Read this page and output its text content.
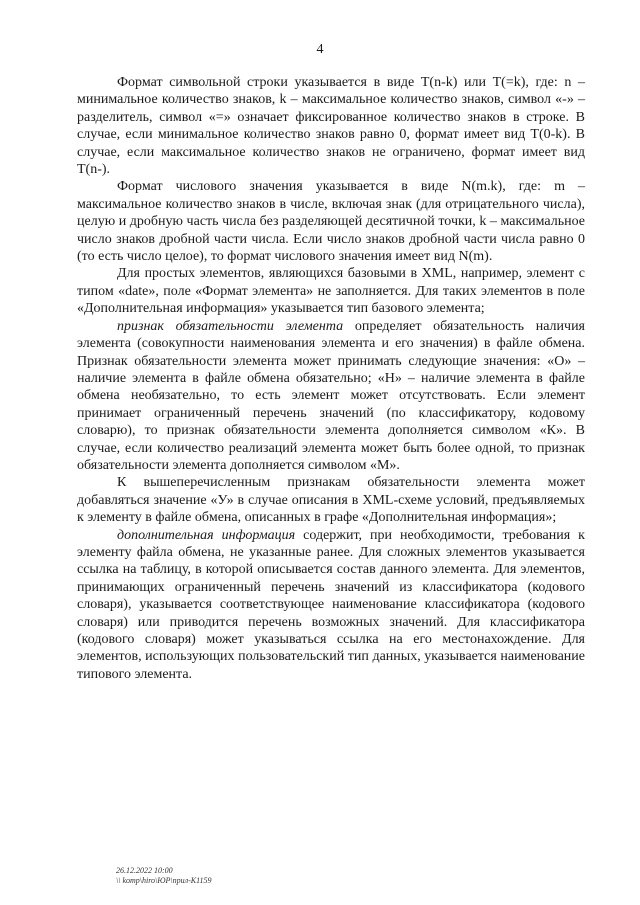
4

Формат символьной строки указывается в виде T(n-k) или T(=k), где: n – минимальное количество знаков, k – максимальное количество знаков, символ «-» – разделитель, символ «=» означает фиксированное количество знаков в строке. В случае, если минимальное количество знаков равно 0, формат имеет вид T(0-k). В случае, если максимальное количество знаков не ограничено, формат имеет вид T(n-).

Формат числового значения указывается в виде N(m.k), где: m – максимальное количество знаков в числе, включая знак (для отрицательного числа), целую и дробную часть числа без разделяющей десятичной точки, k – максимальное число знаков дробной части числа. Если число знаков дробной части числа равно 0 (то есть число целое), то формат числового значения имеет вид N(m).

Для простых элементов, являющихся базовыми в XML, например, элемент с типом «date», поле «Формат элемента» не заполняется. Для таких элементов в поле «Дополнительная информация» указывается тип базового элемента;

признак обязательности элемента определяет обязательность наличия элемента (совокупности наименования элемента и его значения) в файле обмена. Признак обязательности элемента может принимать следующие значения: «О» – наличие элемента в файле обмена обязательно; «Н» – наличие элемента в файле обмена необязательно, то есть элемент может отсутствовать. Если элемент принимает ограниченный перечень значений (по классификатору, кодовому словарю), то признак обязательности элемента дополняется символом «К». В случае, если количество реализаций элемента может быть более одной, то признак обязательности элемента дополняется символом «М».

К вышеперечисленным признакам обязательности элемента может добавляться значение «У» в случае описания в XML-схеме условий, предъявляемых к элементу в файле обмена, описанных в графе «Дополнительная информация»;

дополнительная информация содержит, при необходимости, требования к элементу файла обмена, не указанные ранее. Для сложных элементов указывается ссылка на таблицу, в которой описывается состав данного элемента. Для элементов, принимающих ограниченный перечень значений из классификатора (кодового словаря), указывается соответствующее наименование классификатора (кодового словаря) или приводится перечень возможных значений. Для классификатора (кодового словаря) может указываться ссылка на его местонахождение. Для элементов, использующих пользовательский тип данных, указывается наименование типового элемента.

26.12.2022 10:00
\\ komp\hiro\ЮР\прил-К1159
